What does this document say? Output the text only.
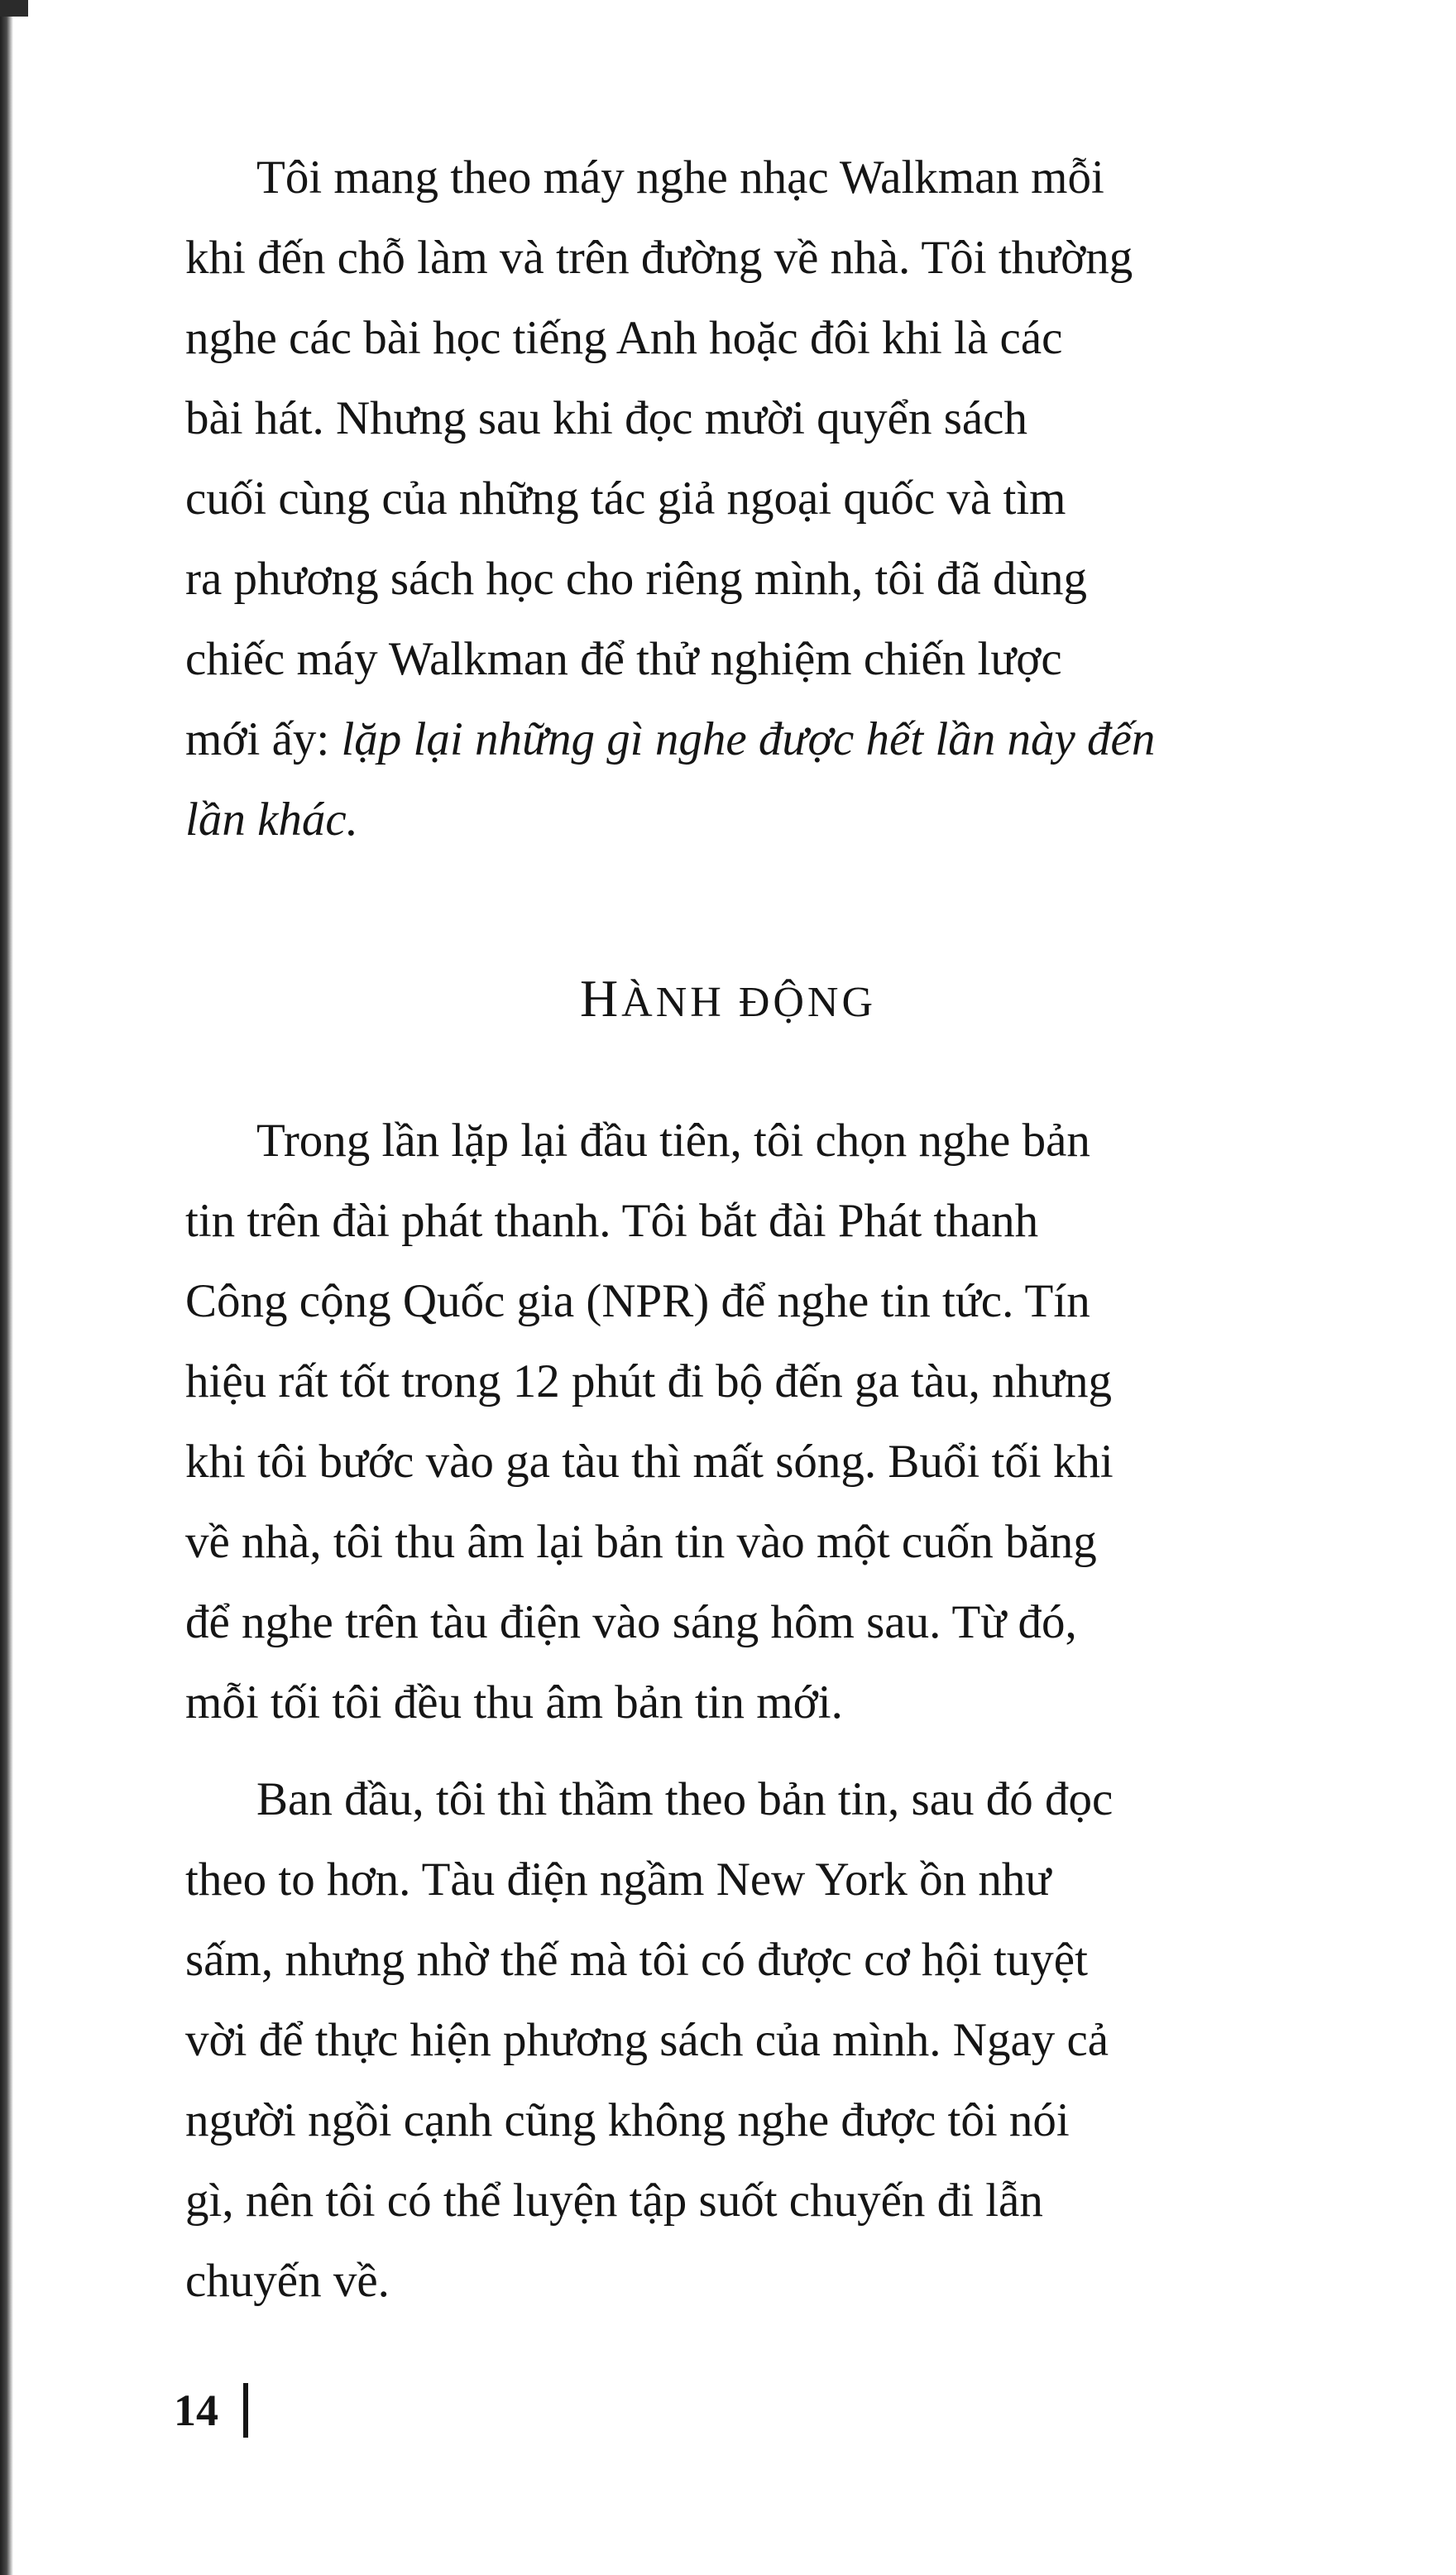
Tôi mang theo máy nghe nhạc Walkman mỗi
khi đến chỗ làm và trên đường về nhà. Tôi thường
nghe các bài học tiếng Anh hoặc đôi khi là các
bài hát. Nhưng sau khi đọc mười quyển sách
cuối cùng của những tác giả ngoại quốc và tìm
ra phương sách học cho riêng mình, tôi đã dùng
chiếc máy Walkman để thử nghiệm chiến lược
mới ấy: lặp lại những gì nghe được hết lần này đến
lần khác.

HÀNH ĐỘNG

Trong lần lặp lại đầu tiên, tôi chọn nghe bản
tin trên đài phát thanh. Tôi bắt đài Phát thanh
Công cộng Quốc gia (NPR) để nghe tin tức. Tín
hiệu rất tốt trong 12 phút đi bộ đến ga tàu, nhưng
khi tôi bước vào ga tàu thì mất sóng. Buổi tối khi
về nhà, tôi thu âm lại bản tin vào một cuốn băng
để nghe trên tàu điện vào sáng hôm sau. Từ đó,
mỗi tối tôi đều thu âm bản tin mới.

Ban đầu, tôi thì thầm theo bản tin, sau đó đọc
theo to hơn. Tàu điện ngầm New York ồn như
sấm, nhưng nhờ thế mà tôi có được cơ hội tuyệt
vời để thực hiện phương sách của mình. Ngay cả
người ngồi cạnh cũng không nghe được tôi nói
gì, nên tôi có thể luyện tập suốt chuyến đi lẫn
chuyến về.

14
